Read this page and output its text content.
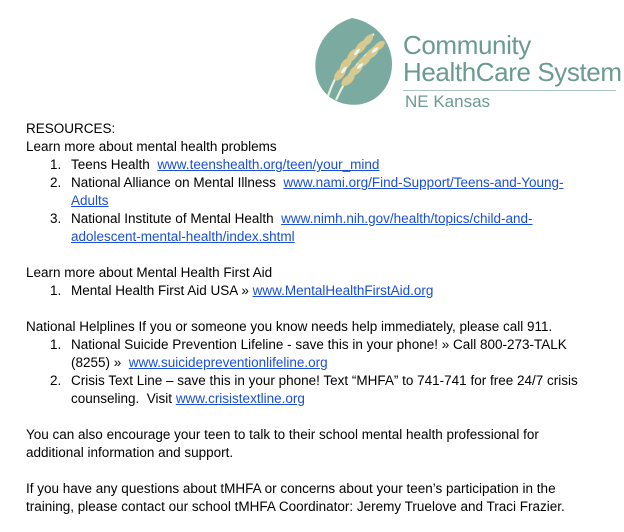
Community
HealthCare System
NE Kansas

RESOURCES:

Learn more about mental health problems

1. Teens Health  www.teenshealth.org/teen/your_mind
2. National Alliance on Mental Illness  www.nami.org/Find-Support/Teens-and-Young-
Adults
3. National Institute of Mental Health  www.nimh.nih.gov/health/topics/child-and-
adolescent-mental-health/index.shtml

Learn more about Mental Health First Aid

1. Mental Health First Aid USA » www.MentalHealthFirstAid.org

National Helplines If you or someone you know needs help immediately, please call 911.

1. National Suicide Prevention Lifeline - save this in your phone! » Call 800-273-TALK
(8255) »  www.suicidepreventionlifeline.org
2. Crisis Text Line – save this in your phone! Text “MHFA” to 741-741 for free 24/7 crisis
counseling.  Visit www.crisistextline.org

You can also encourage your teen to talk to their school mental health professional for

additional information and support.

If you have any questions about tMHFA or concerns about your teen’s participation in the

training, please contact our school tMHFA Coordinator: Jeremy Truelove and Traci Frazier.
